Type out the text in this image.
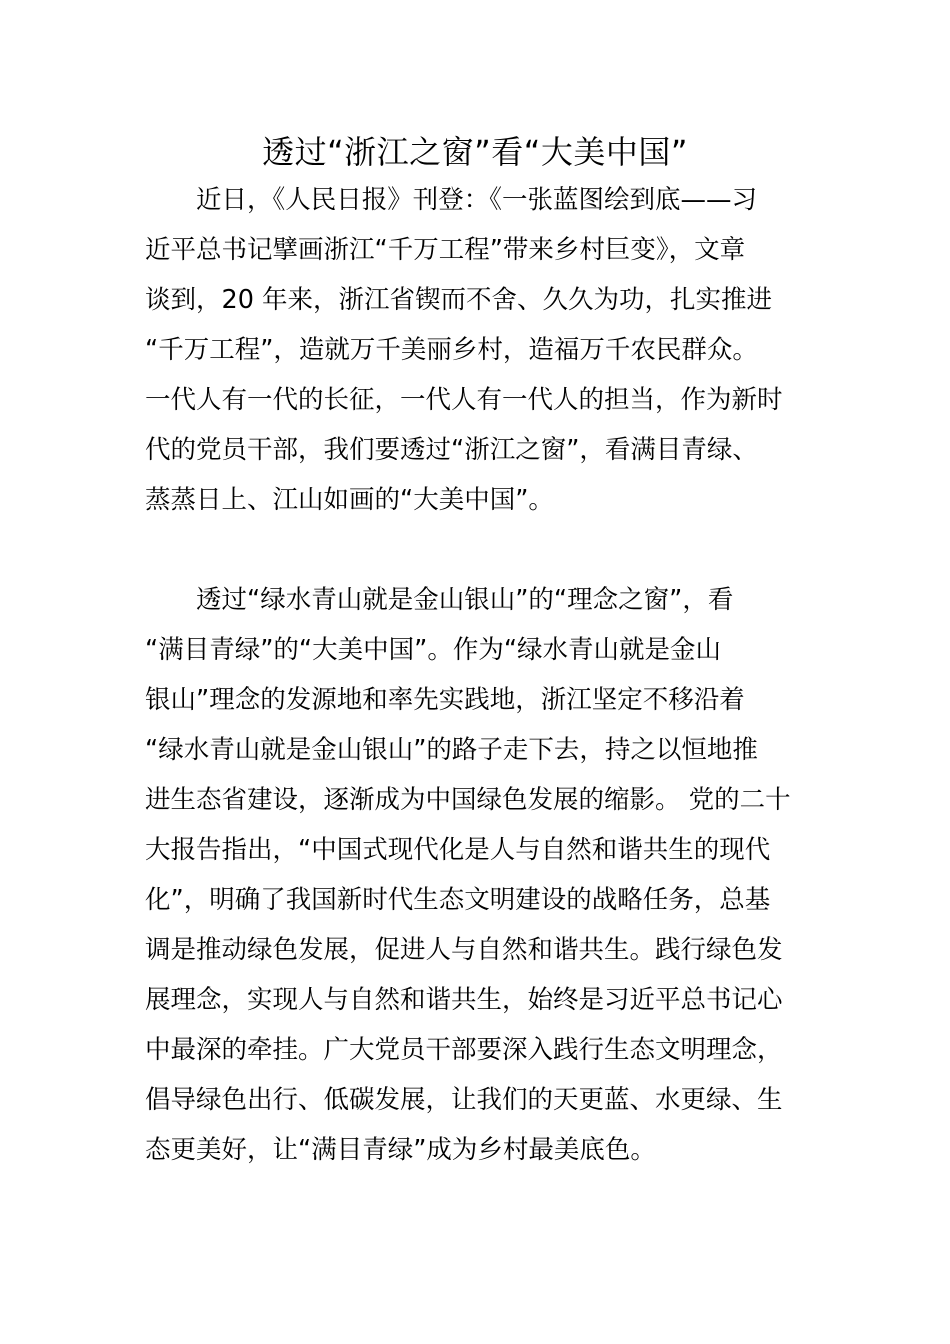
透过“浙江之窗”看“大美中国”
近日，《人民日报》刊登：《一张蓝图绘到底——习
近平总书记擘画浙江“千万工程”带来乡村巨变》，文章
谈到，20 年来，浙江省锲而不舍、久久为功，扎实推进
“千万工程”，造就万千美丽乡村，造福万千农民群众。
一代人有一代的长征，一代人有一代人的担当，作为新时
代的党员干部，我们要透过“浙江之窗”，看满目青绿、
蒸蒸日上、江山如画的“大美中国”。
透过“绿水青山就是金山银山”的“理念之窗”，看
“满目青绿”的“大美中国”。作为“绿水青山就是金山
银山”理念的发源地和率先实践地，浙江坚定不移沿着
“绿水青山就是金山银山”的路子走下去，持之以恒地推
进生态省建设，逐渐成为中国绿色发展的缩影。 党的二十
大报告指出，“中国式现代化是人与自然和谐共生的现代
化”，明确了我国新时代生态文明建设的战略任务，总基
调是推动绿色发展，促进人与自然和谐共生。践行绿色发
展理念，实现人与自然和谐共生，始终是习近平总书记心
中最深的牵挂。广大党员干部要深入践行生态文明理念，
倡导绿色出行、低碳发展，让我们的天更蓝、水更绿、生
态更美好，让“满目青绿”成为乡村最美底色。
